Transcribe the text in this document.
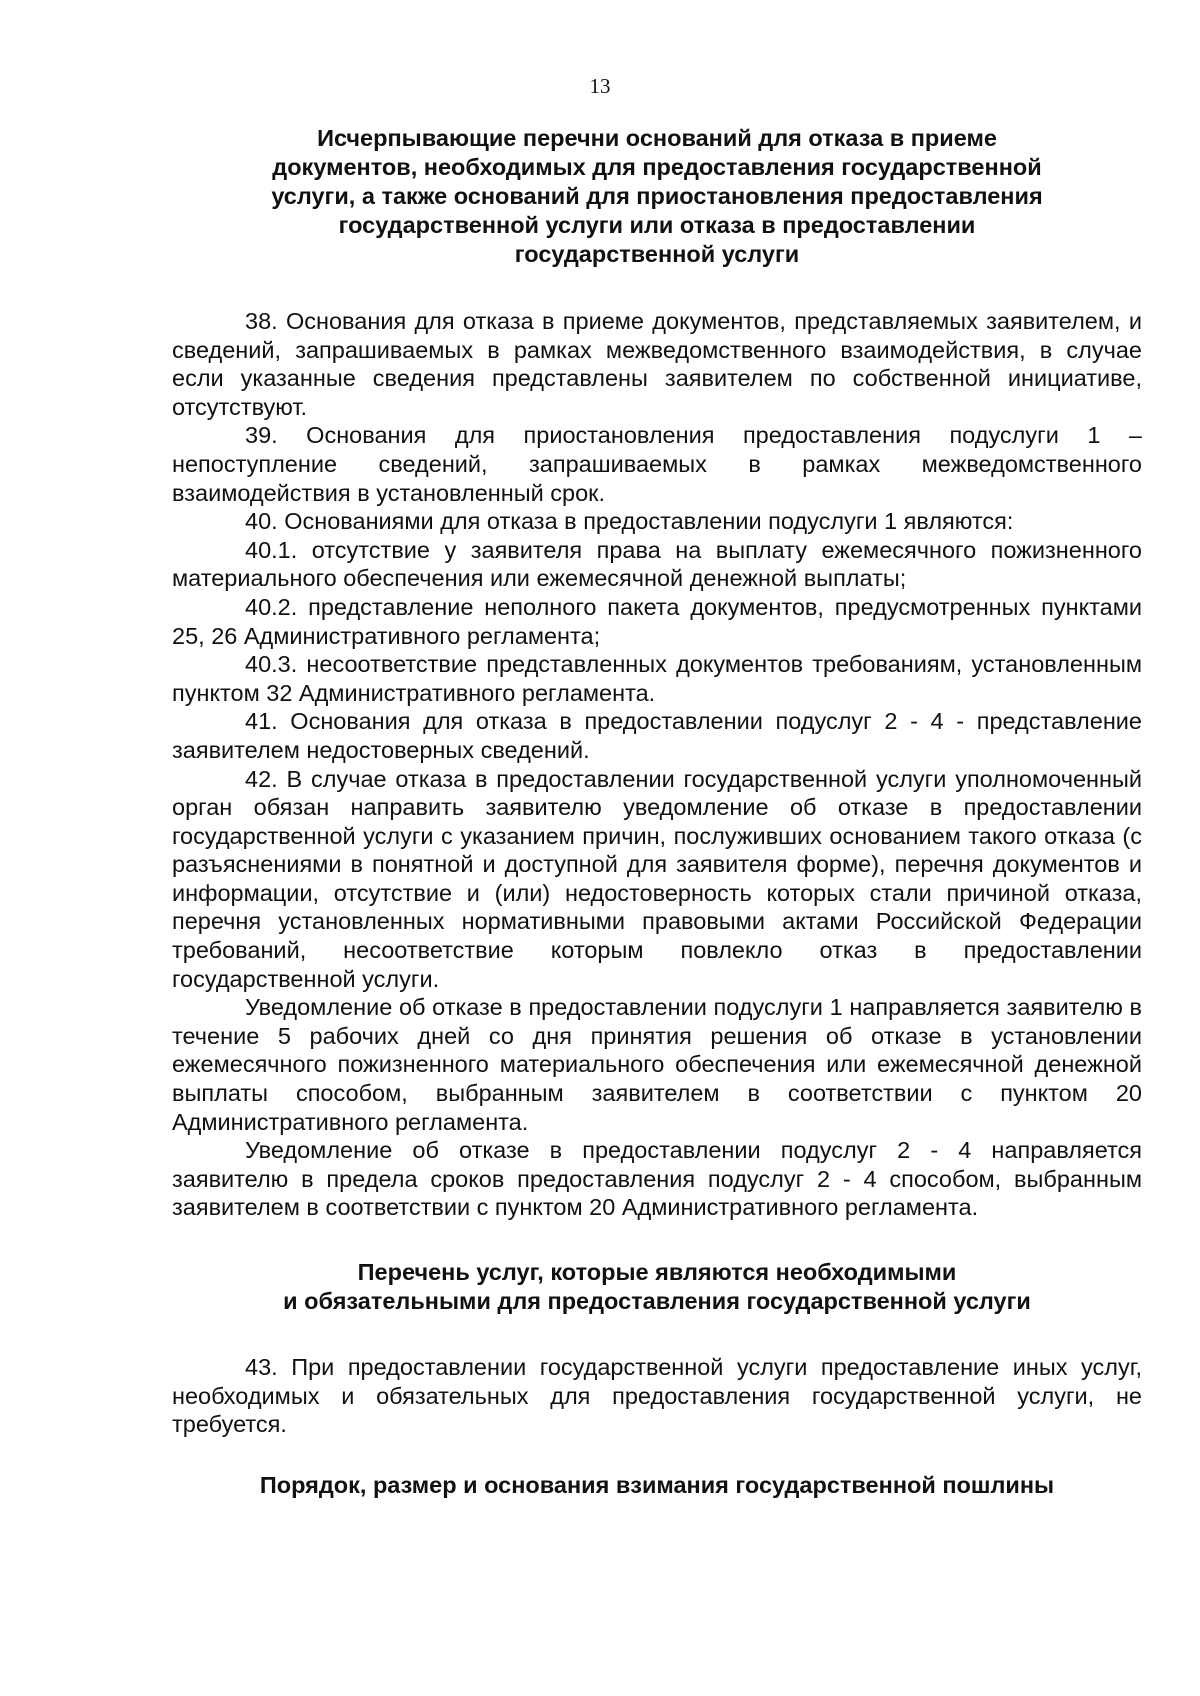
13
Исчерпывающие перечни оснований для отказа в приеме
документов, необходимых для предоставления государственной
услуги, а также оснований для приостановления предоставления
государственной услуги или отказа в предоставлении
государственной услуги

38. Основания для отказа в приеме документов, представляемых заявителем, и сведений, запрашиваемых в рамках межведомственного взаимодействия, в случае если указанные сведения представлены заявителем по собственной инициативе, отсутствуют.

39. Основания для приостановления предоставления подуслуги 1 – непоступление сведений, запрашиваемых в рамках межведомственного взаимодействия в установленный срок.

40. Основаниями для отказа в предоставлении подуслуги 1 являются:

40.1. отсутствие у заявителя права на выплату ежемесячного пожизненного материального обеспечения или ежемесячной денежной выплаты;

40.2. представление неполного пакета документов, предусмотренных пунктами 25, 26 Административного регламента;

40.3. несоответствие представленных документов требованиям, установленным пунктом 32 Административного регламента.

41. Основания для отказа в предоставлении подуслуг 2 - 4 - представление заявителем недостоверных сведений.

42. В случае отказа в предоставлении государственной услуги уполномоченный орган обязан направить заявителю уведомление об отказе в предоставлении государственной услуги с указанием причин, послуживших основанием такого отказа (с разъяснениями в понятной и доступной для заявителя форме), перечня документов и информации, отсутствие и (или) недостоверность которых стали причиной отказа, перечня установленных нормативными правовыми актами Российской Федерации требований, несоответствие которым повлекло отказ в предоставлении государственной услуги.

Уведомление об отказе в предоставлении подуслуги 1 направляется заявителю в течение 5 рабочих дней со дня принятия решения об отказе в установлении ежемесячного пожизненного материального обеспечения или ежемесячной денежной выплаты способом, выбранным заявителем в соответствии с пунктом 20 Административного регламента.

Уведомление об отказе в предоставлении подуслуг 2 - 4 направляется заявителю в предела сроков предоставления подуслуг 2 - 4 способом, выбранным заявителем в соответствии с пунктом 20 Административного регламента.

Перечень услуг, которые являются необходимыми
и обязательными для предоставления государственной услуги

43. При предоставлении государственной услуги предоставление иных услуг, необходимых и обязательных для предоставления государственной услуги, не требуется.

Порядок, размер и основания взимания государственной пошлины
